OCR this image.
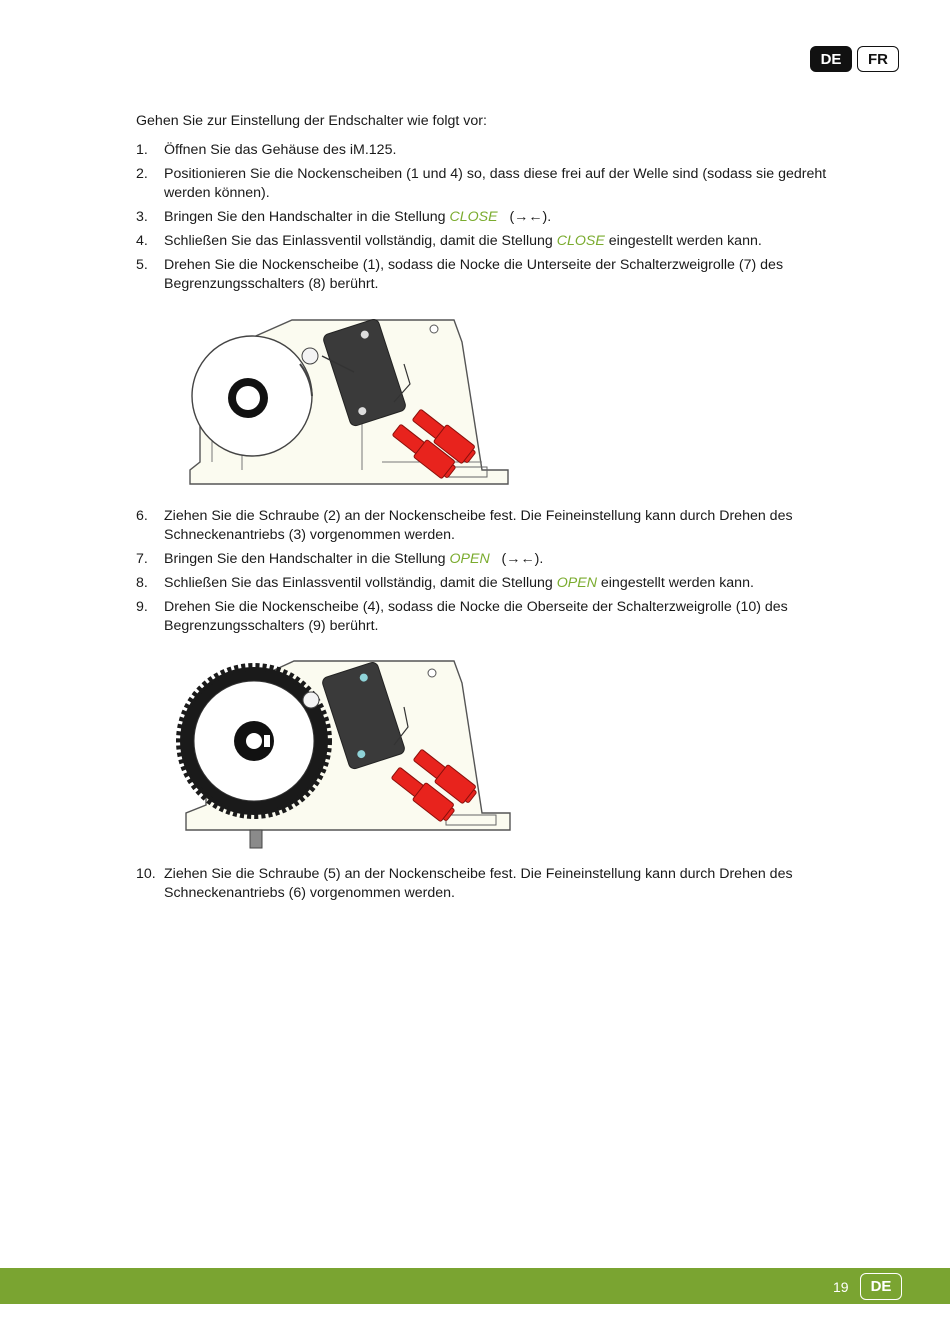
DE	FR
Gehen Sie zur Einstellung der Endschalter wie folgt vor:
1. Öffnen Sie das Gehäuse des iM.125.
2. Positionieren Sie die Nockenscheiben (1 und 4) so, dass diese frei auf der Welle sind (sodass sie gedreht werden können).
3. Bringen Sie den Handschalter in die Stellung CLOSE   (→←).
4. Schließen Sie das Einlassventil vollständig, damit die Stellung CLOSE eingestellt werden kann.
5. Drehen Sie die Nockenscheibe (1), sodass die Nocke die Unterseite der Schalterzweigrolle (7) des Begrenzungsschalters (8) berührt.
6. Ziehen Sie die Schraube (2) an der Nockenscheibe fest. Die Feineinstellung kann durch Drehen des Schneckenantriebs (3) vorgenommen werden.
7. Bringen Sie den Handschalter in die Stellung OPEN   (→←).
8. Schließen Sie das Einlassventil vollständig, damit die Stellung OPEN eingestellt werden kann.
9. Drehen Sie die Nockenscheibe (4), sodass die Nocke die Oberseite der Schalterzweigrolle (10) des Begrenzungsschalters (9) berührt.
10. Ziehen Sie die Schraube (5) an der Nockenscheibe fest. Die Feineinstellung kann durch Drehen des Schneckenantriebs (6) vorgenommen werden.
19	DE
